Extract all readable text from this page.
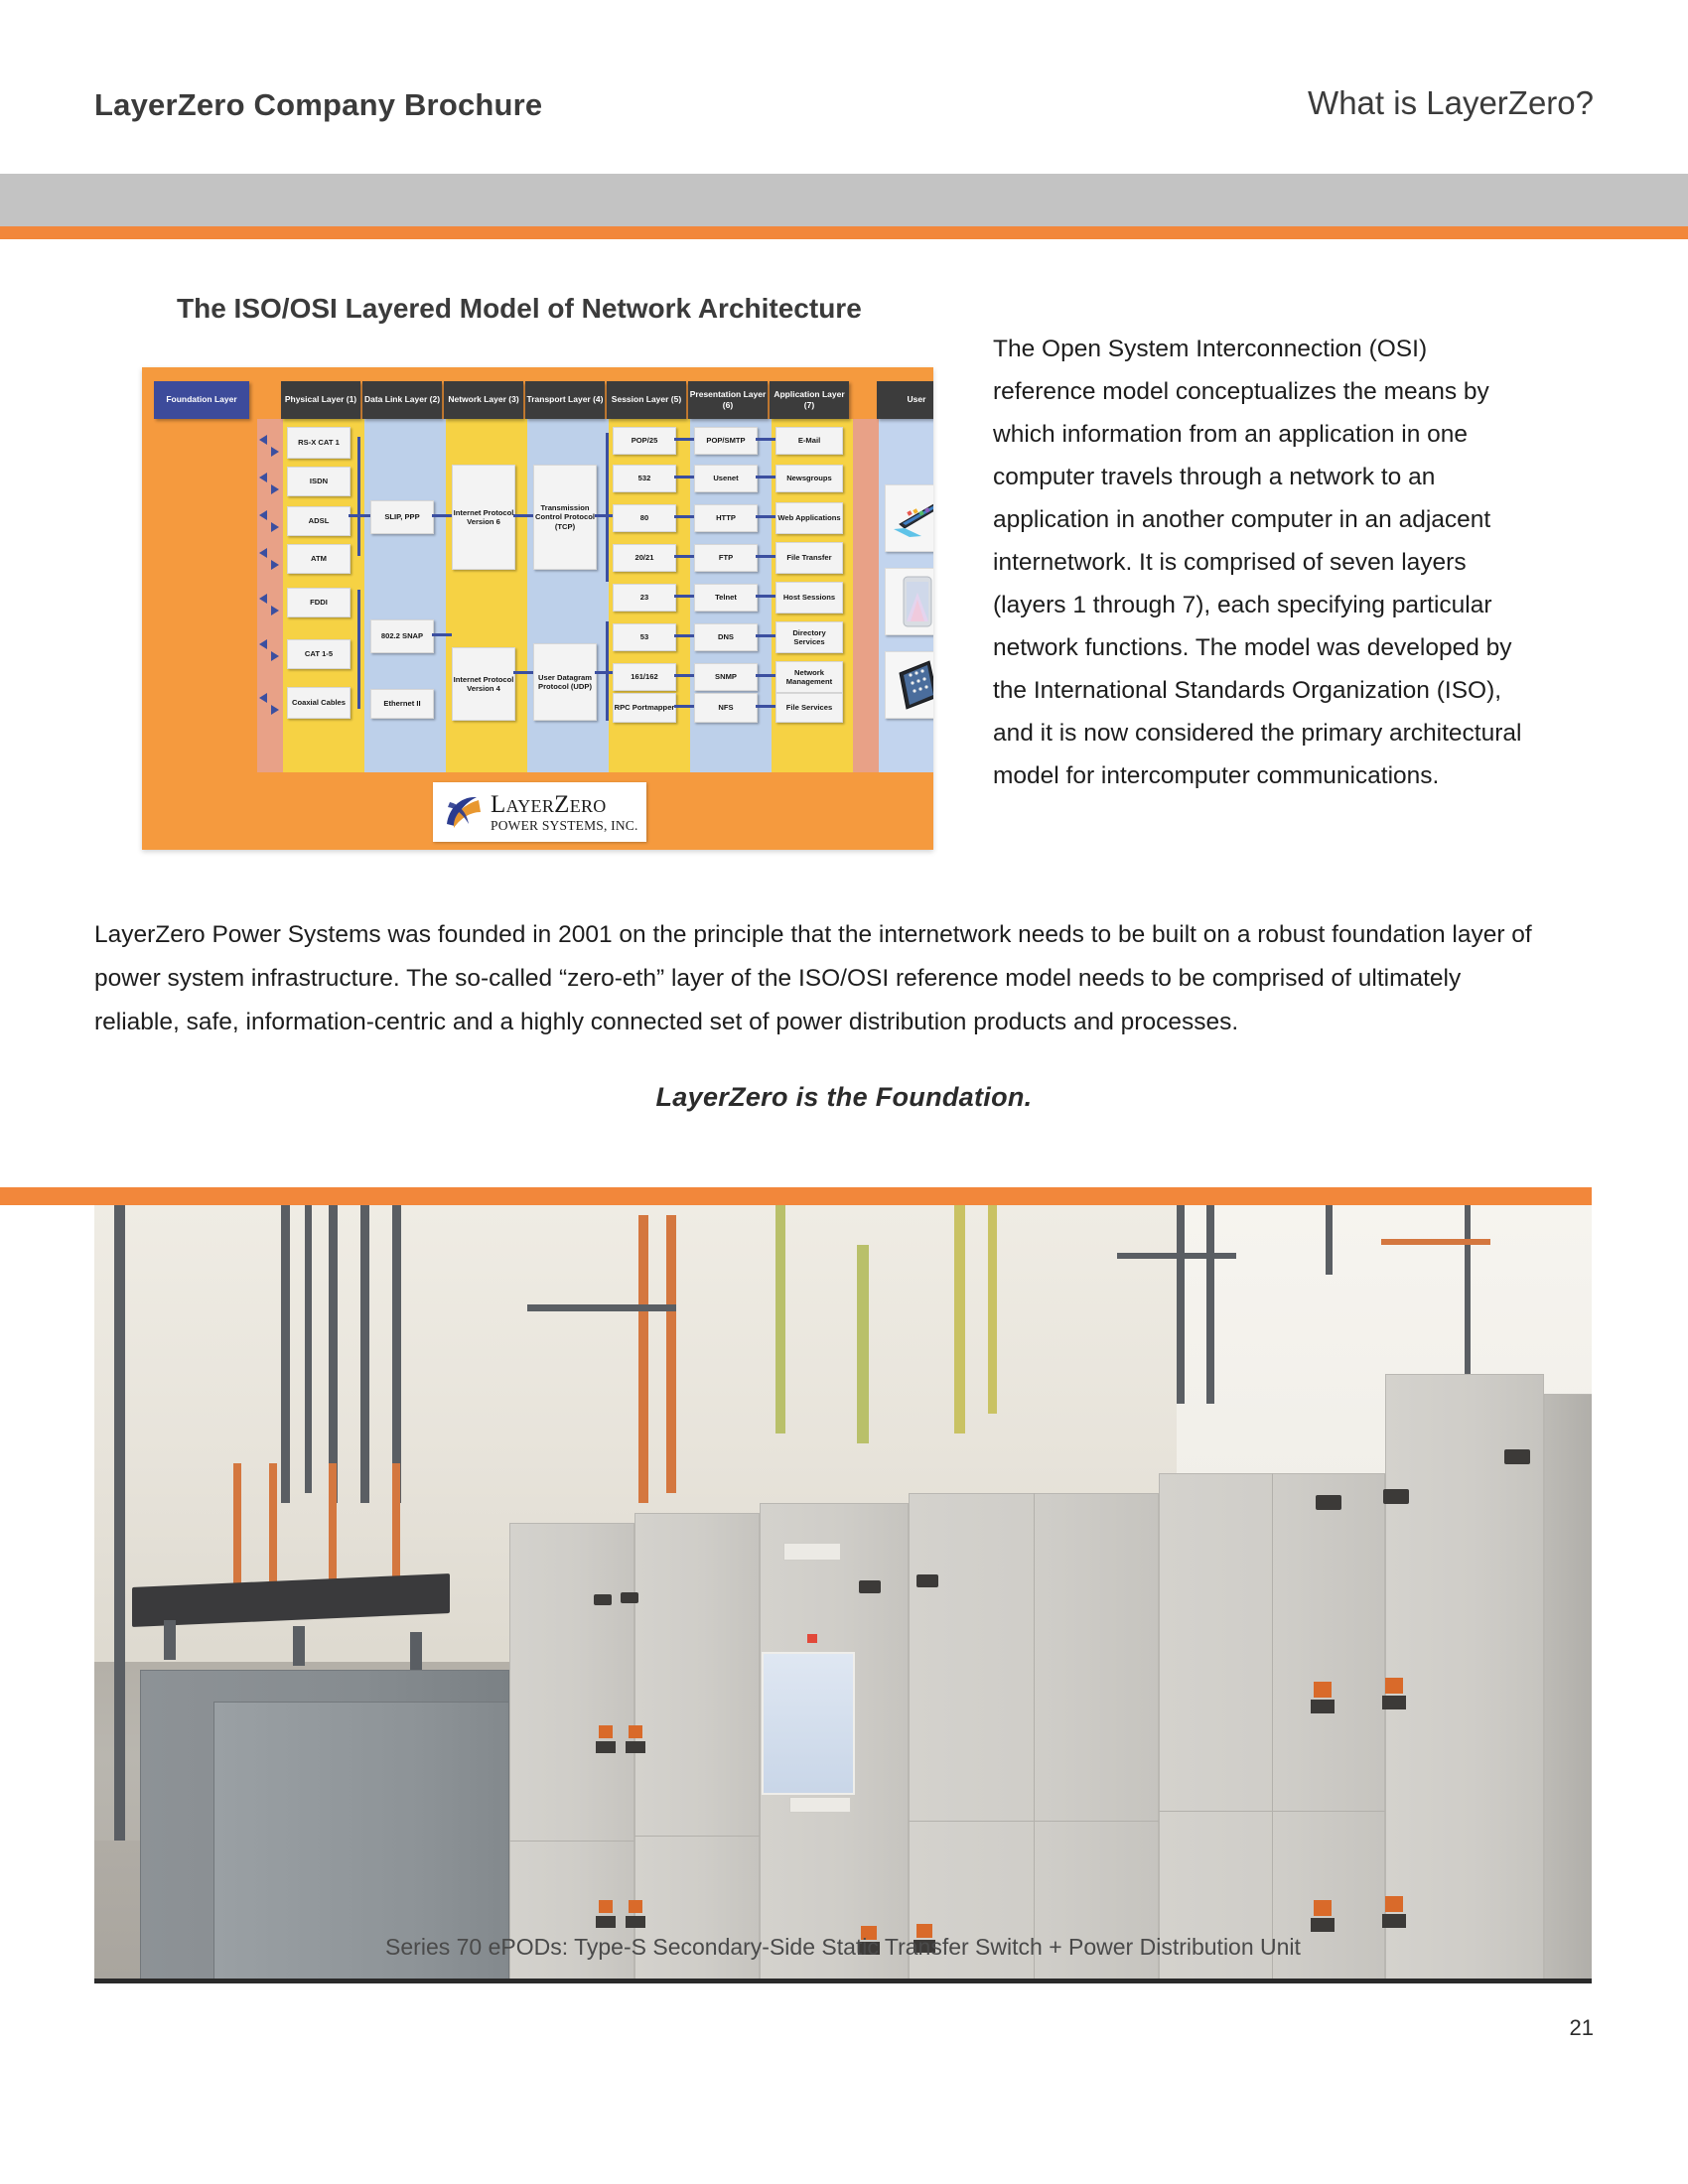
LayerZero Company Brochure	What is LayerZero?
The ISO/OSI Layered Model of Network Architecture
Foundation Layer	Physical Layer (1) Data Link Layer (2) Network Layer (3) Transport Layer (4) Session Layer (5)
Presentation Layer (6)
Application Layer (7)
User
RS-X CAT 1
ISDN
ADSL
ATM
FDDI
CAT 1-5
Coaxial Cables
SLIP, PPP
802.2 SNAP
Ethernet II
Internet Protocol Version 6
Internet Protocol Version 4
Transmission Control Protocol (TCP)
User Datagram Protocol (UDP)
POP/25
532
80
20/21
23
53
161/162
RPC Portmapper
POP/SMTP
Usenet
HTTP
FTP
Telnet
DNS
SNMP
NFS
E-Mail
Newsgroups
Web Applications
File Transfer
Host Sessions
Directory Services
Network Management
File Services
LAYERZERO
POWER SYSTEMS, INC.
The Open System Interconnection (OSI) reference model conceptualizes the means by which information from an application in one computer travels through a network to an application in another computer in an adjacent internetwork. It is comprised of seven layers (layers 1 through 7), each specifying particular network functions. The model was developed by the International Standards Organization (ISO), and it is now considered the primary architectural model for intercomputer communications.
LayerZero Power Systems was founded in 2001 on the principle that the internetwork needs to be built on a robust foundation layer of power system infrastructure. The so-called “zero-eth” layer of the ISO/OSI reference model needs to be comprised of ultimately reliable, safe, information-centric and a highly connected set of power distribution products and processes.
LayerZero is the Foundation.
Series 70 ePODs: Type-S Secondary-Side Static Transfer Switch + Power Distribution Unit
21
